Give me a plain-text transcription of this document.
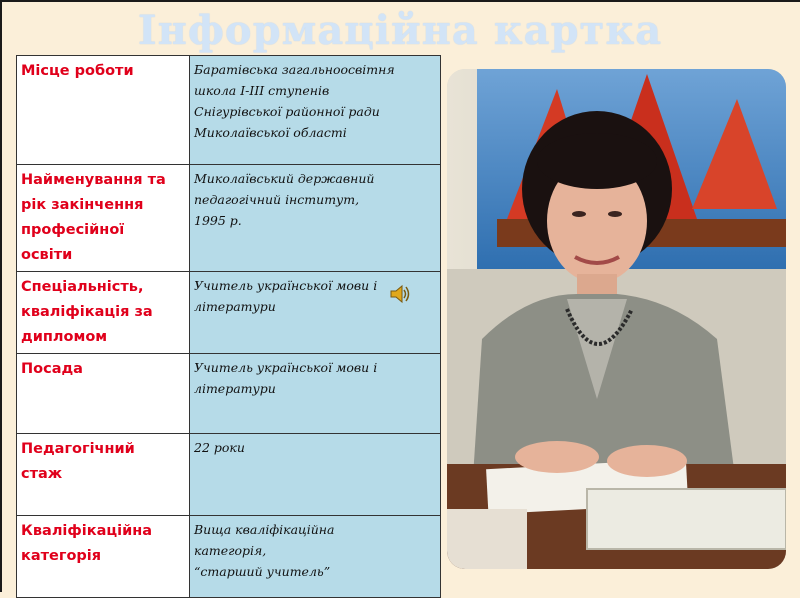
Інформаційна картка
Місце роботи	Баратівська загальноосвітня
школа І-ІІІ ступенів
Снігурівської районної ради
Миколаївської області

Найменування та
рік закінчення
професійної
освіти	Миколаївський державний
педагогічний інститут,
1995 р.

Спеціальність,
кваліфікація за
дипломом	Учитель української мови і
літератури

Посада	Учитель української мови і
літератури

Педагогічний
стаж	22 роки

Кваліфікаційна
категорія	Вища кваліфікаційна
категорія,
“старший учитель”
